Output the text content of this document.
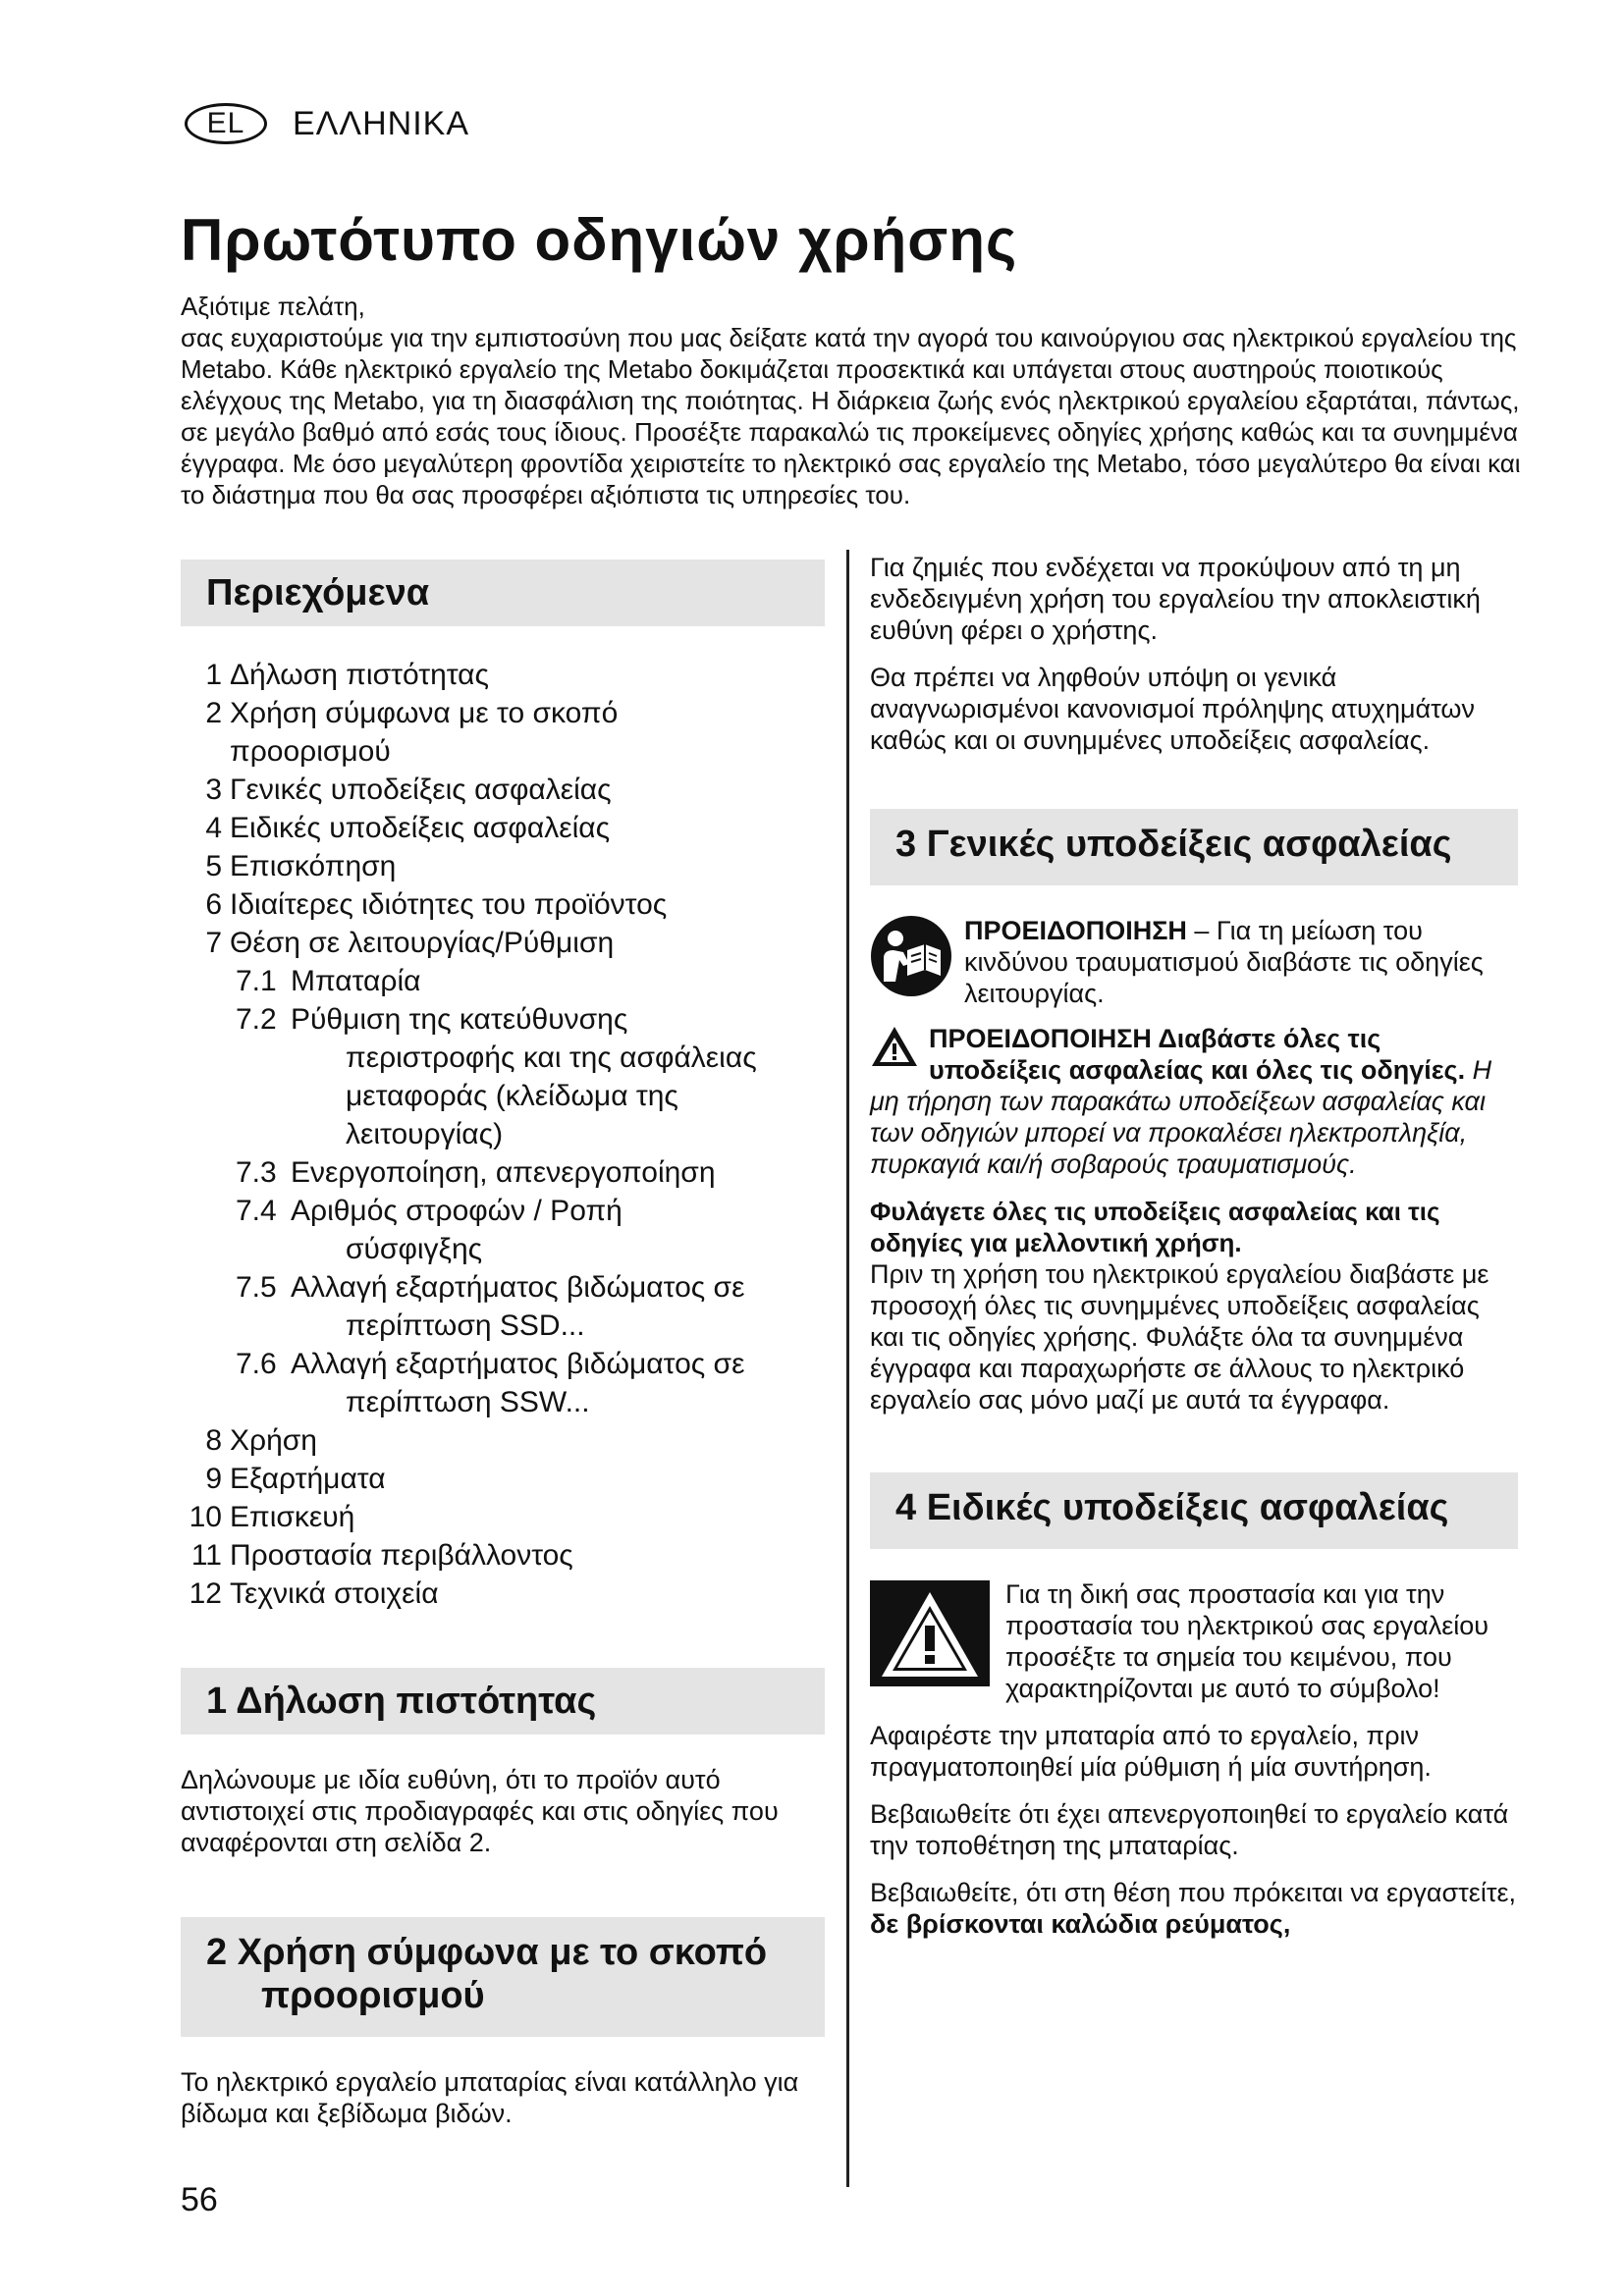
EL	ΕΛΛΗΝΙΚΑ
Πρωτότυπο οδηγιών χρήσης

Αξιότιμε πελάτη,

σας ευχαριστούμε για την εμπιστοσύνη που μας δείξατε κατά την αγορά του καινούργιου σας ηλεκτρικού εργαλείου της Metabo. Κάθε ηλεκτρικό εργαλείο της Metabo δοκιμάζεται προσεκτικά και υπάγεται στους αυστηρούς ποιοτικούς ελέγχους της Metabo, για τη διασφάλιση της ποιότητας. Η διάρκεια ζωής ενός ηλεκτρικού εργαλείου εξαρτάται, πάντως, σε μεγάλο βαθμό από εσάς τους ίδιους. Προσέξτε παρακαλώ τις προκείμενες οδηγίες χρήσης καθώς και τα συνημμένα έγγραφα. Με όσο μεγαλύτερη φροντίδα χειριστείτε το ηλεκτρικό σας εργαλείο της Metabo, τόσο μεγαλύτερο θα είναι και το διάστημα που θα σας προσφέρει αξιόπιστα τις υπηρεσίες του.

Περιεχόμενα
1 Δήλωση πιστότητας
2 Χρήση σύμφωνα με το σκοπό
προορισμού
3 Γενικές υποδείξεις ασφαλείας
4 Ειδικές υποδείξεις ασφαλείας
5 Επισκόπηση
6 Ιδιαίτερες ιδιότητες του προϊόντος
7 Θέση σε λειτουργίας/Ρύθμιση
7.1 Μπαταρία
7.2 Ρύθμιση της κατεύθυνσης
περιστροφής και της ασφάλειας μεταφοράς (κλείδωμα της λειτουργίας)
7.3 Ενεργοποίηση, απενεργοποίηση
7.4 Αριθμός στροφών / Ροπή
σύσφιγξης
7.5 Αλλαγή εξαρτήματος βιδώματος σε
περίπτωση SSD...
7.6 Αλλαγή εξαρτήματος βιδώματος σε
περίπτωση SSW...
8 Χρήση
9 Εξαρτήματα
10 Επισκευή
11 Προστασία περιβάλλοντος
12 Τεχνικά στοιχεία
1 Δήλωση πιστότητας

Δηλώνουμε με ιδία ευθύνη, ότι το προϊόν αυτό αντιστοιχεί στις προδιαγραφές και στις οδηγίες που αναφέρονται στη σελίδα 2.

2 Χρήση σύμφωνα με το σκοπό προορισμού

Το ηλεκτρικό εργαλείο μπαταρίας είναι κατάλληλο για βίδωμα και ξεβίδωμα βιδών.

Για ζημιές που ενδέχεται να προκύψουν από τη μη ενδεδειγμένη χρήση του εργαλείου την αποκλειστική ευθύνη φέρει ο χρήστης.

Θα πρέπει να ληφθούν υπόψη οι γενικά αναγνωρισμένοι κανονισμοί πρόληψης ατυχημάτων καθώς και οι συνημμένες υποδείξεις ασφαλείας.

3 Γενικές υποδείξεις ασφαλείας
ΠΡΟΕΙΔΟΠΟΙΗΣΗ – Για τη μείωση του κινδύνου τραυματισμού διαβάστε τις οδηγίες λειτουργίας.
ΠΡΟΕΙΔΟΠΟΙΗΣΗ Διαβάστε όλες τις υποδείξεις ασφαλείας και όλες τις οδηγίες. Η μη τήρηση των παρακάτω υποδείξεων ασφαλείας και των οδηγιών μπορεί να προκαλέσει ηλεκτροπληξία, πυρκαγιά και/ή σοβαρούς τραυματισμούς.

Φυλάγετε όλες τις υποδείξεις ασφαλείας και τις οδηγίες για μελλοντική χρήση.
Πριν τη χρήση του ηλεκτρικού εργαλείου διαβάστε με προσοχή όλες τις συνημμένες υποδείξεις ασφαλείας και τις οδηγίες χρήσης. Φυλάξτε όλα τα συνημμένα έγγραφα και παραχωρήστε σε άλλους το ηλεκτρικό εργαλείο σας μόνο μαζί με αυτά τα έγγραφα.

4 Ειδικές υποδείξεις ασφαλείας
Για τη δική σας προστασία και για την προστασία του ηλεκτρικού σας εργαλείου προσέξτε τα σημεία του κειμένου, που χαρακτηρίζονται με αυτό το σύμβολο!

Αφαιρέστε την μπαταρία από το εργαλείο, πριν πραγματοποιηθεί μία ρύθμιση ή μία συντήρηση.

Βεβαιωθείτε ότι έχει απενεργοποιηθεί το εργαλείο κατά την τοποθέτηση της μπαταρίας.

Βεβαιωθείτε, ότι στη θέση που πρόκειται να εργαστείτε, δε βρίσκονται καλώδια ρεύματος,

56
